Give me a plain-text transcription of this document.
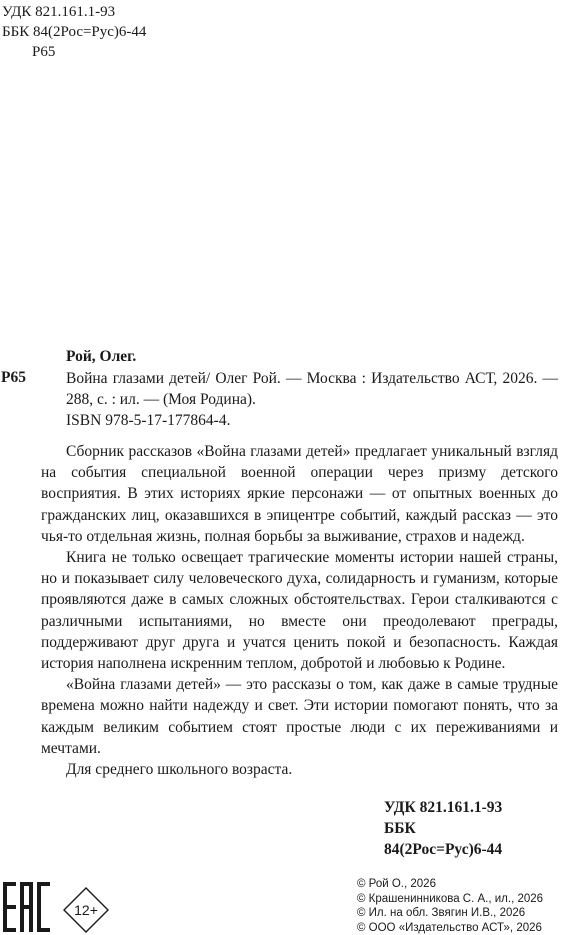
УДК 821.161.1-93
ББК 84(2Рос=Рус)6-44
Р65
Рой, Олег.
Р65	Война глазами детей/ Олег Рой. — Москва : Издательство АСТ, 2026. — 288, с. : ил. — (Моя Родина).
ISBN 978-5-17-177864-4.

Сборник рассказов «Война глазами детей» предлагает уникальный взгляд на события специальной военной операции через призму детского восприятия. В этих историях яркие персонажи — от опытных военных до гражданских лиц, оказавшихся в эпицентре событий, каждый рассказ — это чья-то отдельная жизнь, полная борьбы за выживание, страхов и надежд.

Книга не только освещает трагические моменты истории нашей страны, но и показывает силу человеческого духа, солидарность и гуманизм, которые проявляются даже в самых сложных обстоятельствах. Герои сталкиваются с различными испытаниями, но вместе они преодолевают преграды, поддерживают друг друга и учатся ценить покой и безопасность. Каждая история наполнена искренним теплом, добротой и любовью к Родине.

«Война глазами детей» — это рассказы о том, как даже в самые трудные времена можно найти надежду и свет. Эти истории помогают понять, что за каждым великим событием стоят простые люди с их переживаниями и мечтами.

Для среднего школьного возраста.

УДК 821.161.1-93
ББК
84(2Рос=Рус)6-44
12+
© Рой О., 2026
© Крашенинникова С. А., ил., 2026
© Ил. на обл. Звягин И.В., 2026
© ООО «Издательство АСТ», 2026
